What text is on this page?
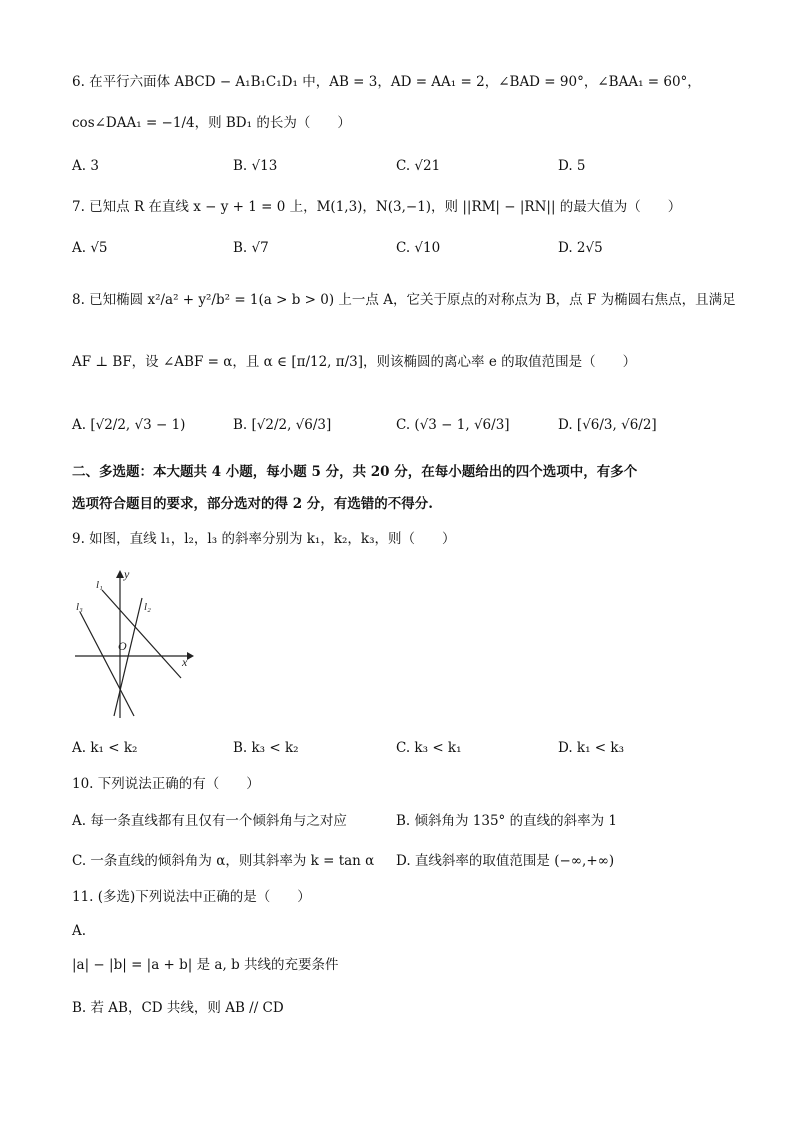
6. 在平行六面体 ABCD − A₁B₁C₁D₁ 中，AB = 3，AD = AA₁ = 2，∠BAD = 90°，∠BAA₁ = 60°，
cos∠DAA₁ = −1/4，则 BD₁ 的长为（　　）
A. 3	B. √13	C. √21	D. 5
7. 已知点 R 在直线 x − y + 1 = 0 上，M(1,3)，N(3,−1)，则 ||RM| − |RN|| 的最大值为（　　）
A. √5	B. √7	C. √10	D. 2√5
8. 已知椭圆 x²/a² + y²/b² = 1(a > b > 0) 上一点 A，它关于原点的对称点为 B，点 F 为椭圆右焦点，且满足
AF ⊥ BF，设 ∠ABF = α，且 α ∈ [π/12, π/3]，则该椭圆的离心率 e 的取值范围是（　　）
A. [√2/2, √3 − 1)	B. [√2/2, √6/3]	C. (√3 − 1, √6/3]	D. [√6/3, √6/2]
二、多选题：本大题共 4 小题，每小题 5 分，共 20 分，在每小题给出的四个选项中，有多个
选项符合题目的要求，部分选对的得 2 分，有选错的不得分.
9. 如图，直线 l₁，l₂，l₃ 的斜率分别为 k₁，k₂，k₃，则（　　）
l₁
l₂
l₃
y
x
O
A. k₁ < k₂	B. k₃ < k₂	C. k₃ < k₁	D. k₁ < k₃
10. 下列说法正确的有（　　）
A. 每一条直线都有且仅有一个倾斜角与之对应	B. 倾斜角为 135° 的直线的斜率为 1
C. 一条直线的倾斜角为 α，则其斜率为 k = tan α D. 直线斜率的取值范围是 (−∞,+∞)
11. (多选)下列说法中正确的是（　　）
A.
|a| − |b| = |a + b| 是 a, b 共线的充要条件
B. 若 AB，CD 共线，则 AB // CD
